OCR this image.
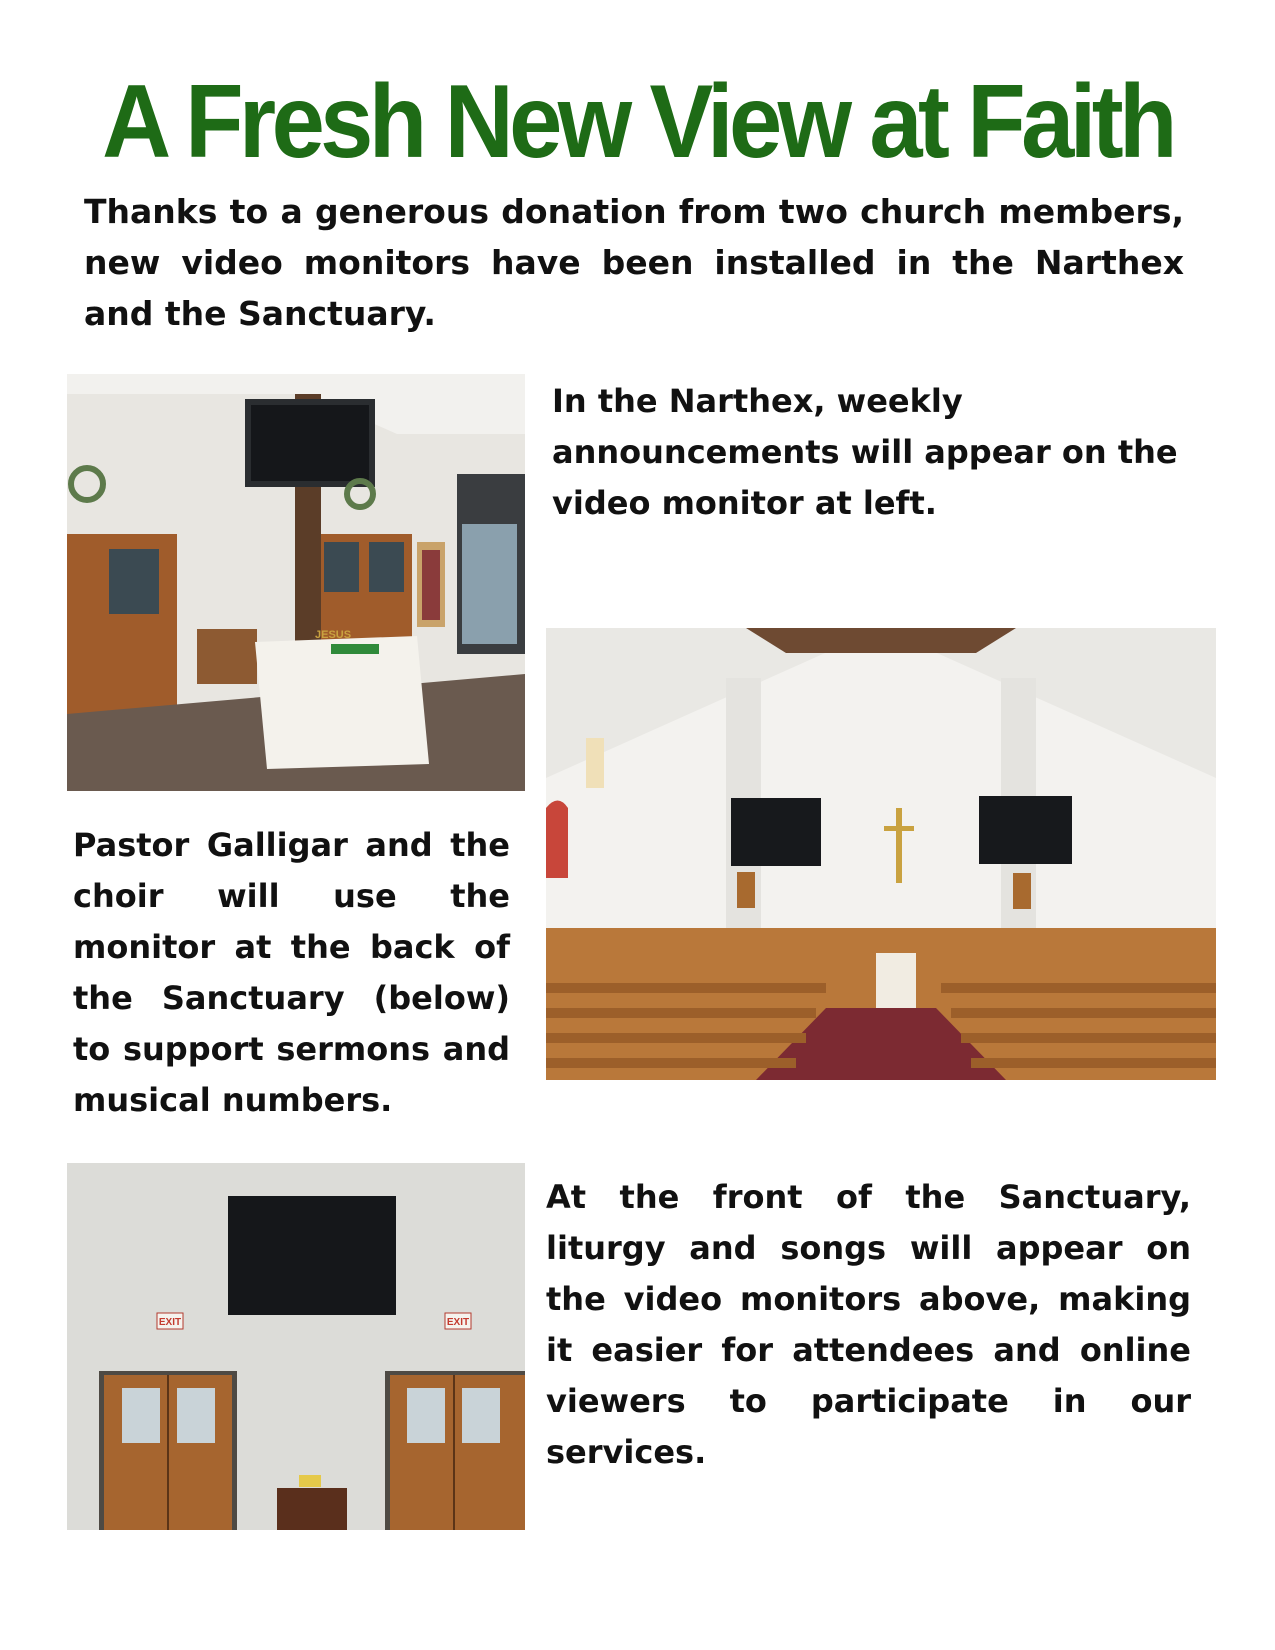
A Fresh New View at Faith
Thanks to a generous donation from two church members, new video monitors have been installed in the Narthex and the Sanctuary.
JESUS
In the Narthex, weekly announcements will appear on the video monitor at left.
Pastor Galligar and the choir will use the monitor at the back of the Sanctuary (below) to support sermons and musical numbers.
EXIT	EXIT
At the front of the Sanctuary, liturgy and songs will appear on the video monitors above, making it easier for attendees and online viewers to participate in our services.
